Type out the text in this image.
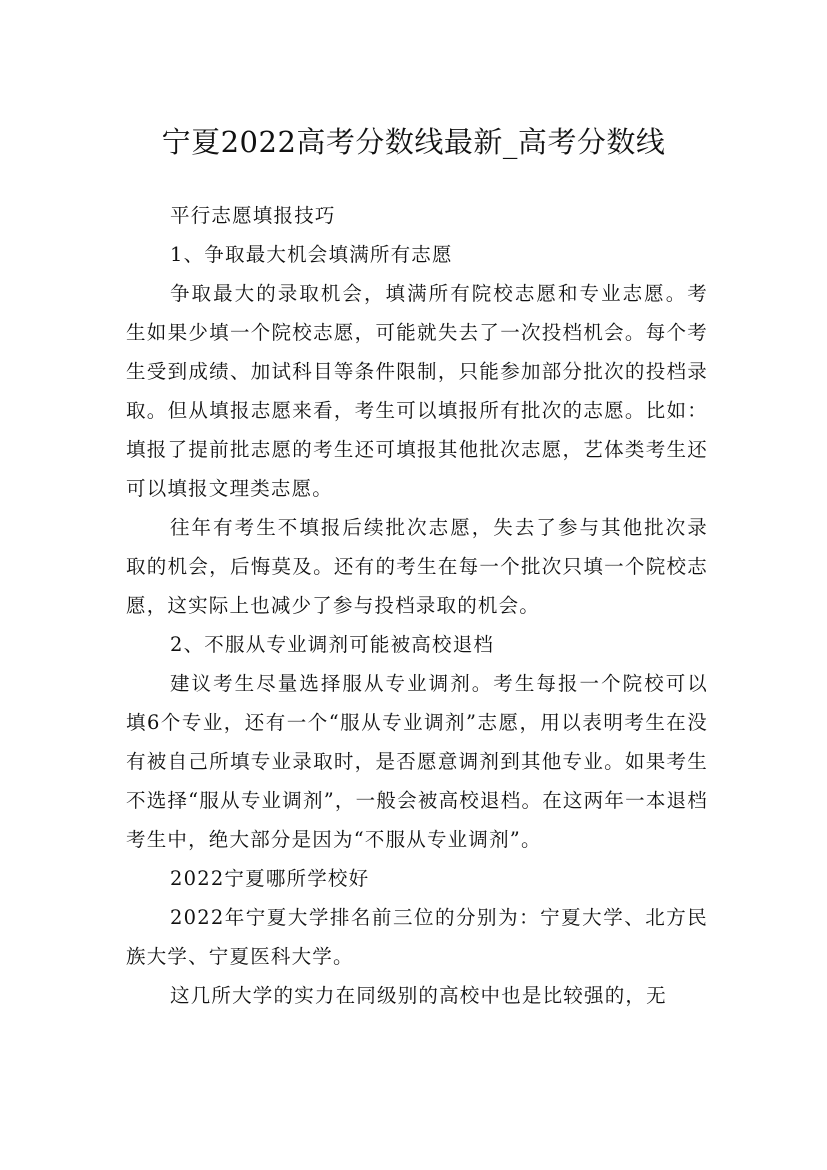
宁夏2022高考分数线最新_高考分数线

平行志愿填报技巧

1、争取最大机会填满所有志愿

争取最大的录取机会，填满所有院校志愿和专业志愿。考生如果少填一个院校志愿，可能就失去了一次投档机会。每个考生受到成绩、加试科目等条件限制，只能参加部分批次的投档录取。但从填报志愿来看，考生可以填报所有批次的志愿。比如：填报了提前批志愿的考生还可填报其他批次志愿，艺体类考生还可以填报文理类志愿。

往年有考生不填报后续批次志愿，失去了参与其他批次录取的机会，后悔莫及。还有的考生在每一个批次只填一个院校志愿，这实际上也减少了参与投档录取的机会。

2、不服从专业调剂可能被高校退档

建议考生尽量选择服从专业调剂。考生每报一个院校可以填6个专业，还有一个“服从专业调剂”志愿，用以表明考生在没有被自己所填专业录取时，是否愿意调剂到其他专业。如果考生不选择“服从专业调剂”，一般会被高校退档。在这两年一本退档考生中，绝大部分是因为“不服从专业调剂”。

2022宁夏哪所学校好

2022年宁夏大学排名前三位的分别为：宁夏大学、北方民族大学、宁夏医科大学。

这几所大学的实力在同级别的高校中也是比较强的，无
